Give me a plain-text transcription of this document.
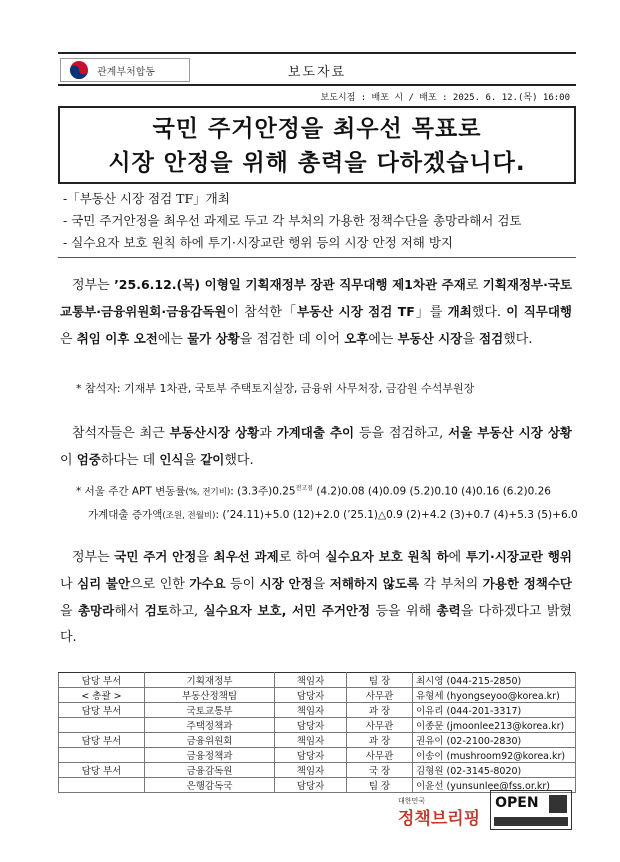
관계부처합동	보도자료
보도시점 : 배포 시 / 배포 : 2025. 6. 12.(목) 16:00
국민 주거안정을 최우선 목표로
시장 안정을 위해 총력을 다하겠습니다.
-「부동산 시장 점검 TF」개최
- 국민 주거안정을 최우선 과제로 두고 각 부처의 가용한 정책수단을 총망라해서 검토
- 실수요자 보호 원칙 하에 투기·시장교란 행위 등의 시장 안정 저해 방지
정부는 ’25.6.12.(목) 이형일 기획재정부 장관 직무대행 제1차관 주재로 기획재정부·국토교통부·금융위원회·금융감독원이 참석한「부동산 시장 점검 TF」를 개최했다. 이 직무대행은 취임 이후 오전에는 물가 상황을 점검한 데 이어 오후에는 부동산 시장을 점검했다.
* 참석자: 기재부 1차관, 국토부 주택토지실장, 금융위 사무처장, 금감원 수석부원장
참석자들은 최근 부동산시장 상황과 가계대출 추이 등을 점검하고, 서울 부동산 시장 상황이 엄중하다는 데 인식을 같이했다.
* 서울 주간 APT 변동률(%, 전기비): (3.3주)$0.25^{전고점}$ (4.2)0.08 (4)0.09 (5.2)0.10 (4)0.16 (6.2)0.26
가계대출 증가액(조원, 전월비): (’24.11)+5.0 (12)+2.0 (’25.1)△0.9 (2)+4.2 (3)+0.7 (4)+5.3 (5)+6.0
정부는 국민 주거 안정을 최우선 과제로 하여 실수요자 보호 원칙 하에 투기·시장교란 행위나 심리 불안으로 인한 가수요 등이 시장 안정을 저해하지 않도록 각 부처의 가용한 정책수단을 총망라해서 검토하고, 실수요자 보호, 서민 주거안정 등을 위해 총력을 다하겠다고 밝혔다.
담당 부서	기획재정부	책임자	팀 장	최시영 (044-215-2850)
< 총괄 >	부동산정책팀	담당자	사무관	유형세 (hyongseyoo@korea.kr)
담당 부서	국토교통부	책임자	과 장	이유리 (044-201-3317)
	주택정책과	담당자	사무관	이종문 (jmoonlee213@korea.kr)
담당 부서	금융위원회	책임자	과 장	권유이 (02-2100-2830)
	금융정책과	담당자	사무관	이송이 (mushroom92@korea.kr)
담당 부서	금융감독원	책임자	국 장	김형원 (02-3145-8020)
	은행감독국	담당자	팀 장	이윤선 (yunsunlee@fss.or.kr)
대한민국
정책브리핑
OPEN
